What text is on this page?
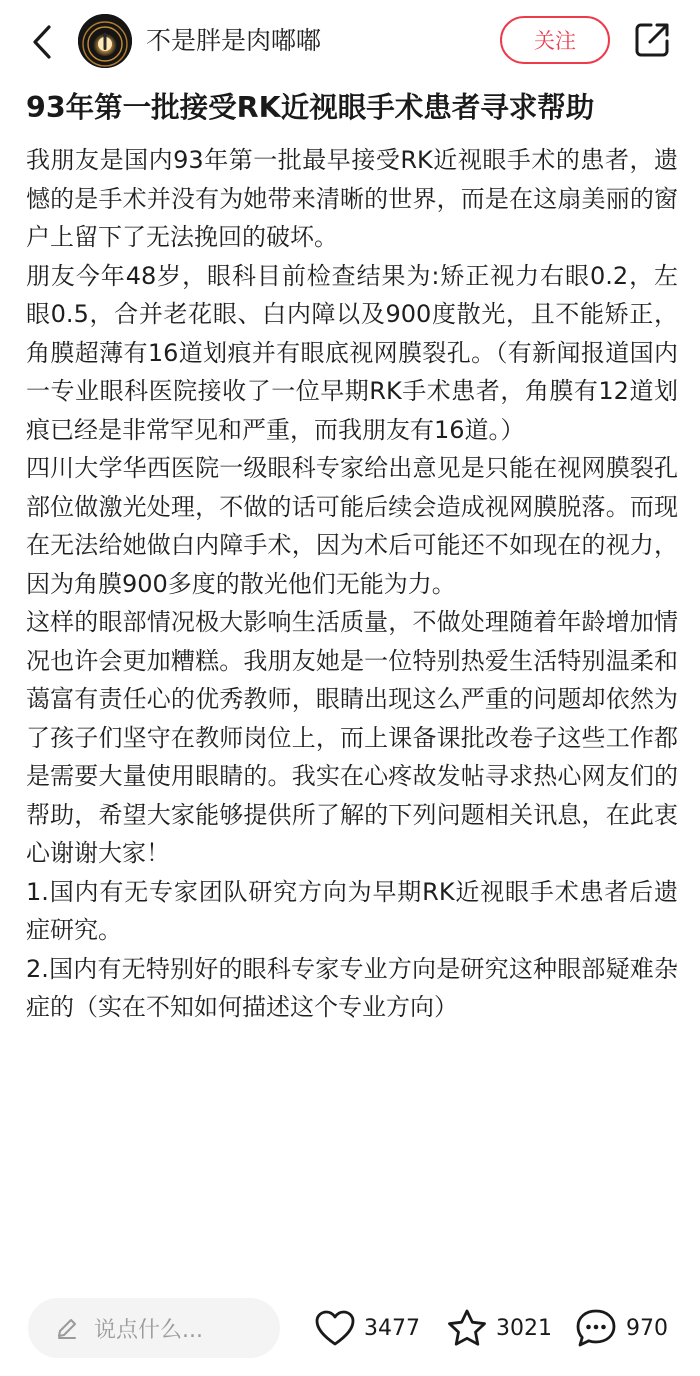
不是胖是肉嘟嘟	关注
93年第一批接受RK近视眼手术患者寻求帮助

我朋友是国内93年第一批最早接受RK近视眼手术的患者，遗憾的是手术并没有为她带来清晰的世界，而是在这扇美丽的窗户上留下了无法挽回的破坏。

朋友今年48岁，眼科目前检查结果为:矫正视力右眼0.2，左眼0.5，合并老花眼、白内障以及900度散光，且不能矫正，角膜超薄有16道划痕并有眼底视网膜裂孔。（有新闻报道国内一专业眼科医院接收了一位早期RK手术患者，角膜有12道划痕已经是非常罕见和严重，而我朋友有16道。）

四川大学华西医院一级眼科专家给出意见是只能在视网膜裂孔部位做激光处理，不做的话可能后续会造成视网膜脱落。而现在无法给她做白内障手术，因为术后可能还不如现在的视力，因为角膜900多度的散光他们无能为力。

这样的眼部情况极大影响生活质量，不做处理随着年龄增加情况也许会更加糟糕。我朋友她是一位特别热爱生活特别温柔和蔼富有责任心的优秀教师，眼睛出现这么严重的问题却依然为了孩子们坚守在教师岗位上，而上课备课批改卷子这些工作都是需要大量使用眼睛的。我实在心疼故发帖寻求热心网友们的帮助，希望大家能够提供所了解的下列问题相关讯息，在此衷心谢谢大家！

1.国内有无专家团队研究方向为早期RK近视眼手术患者后遗症研究。

2.国内有无特别好的眼科专家专业方向是研究这种眼部疑难杂症的（实在不知如何描述这个专业方向）

说点什么...	3477	3021	970
